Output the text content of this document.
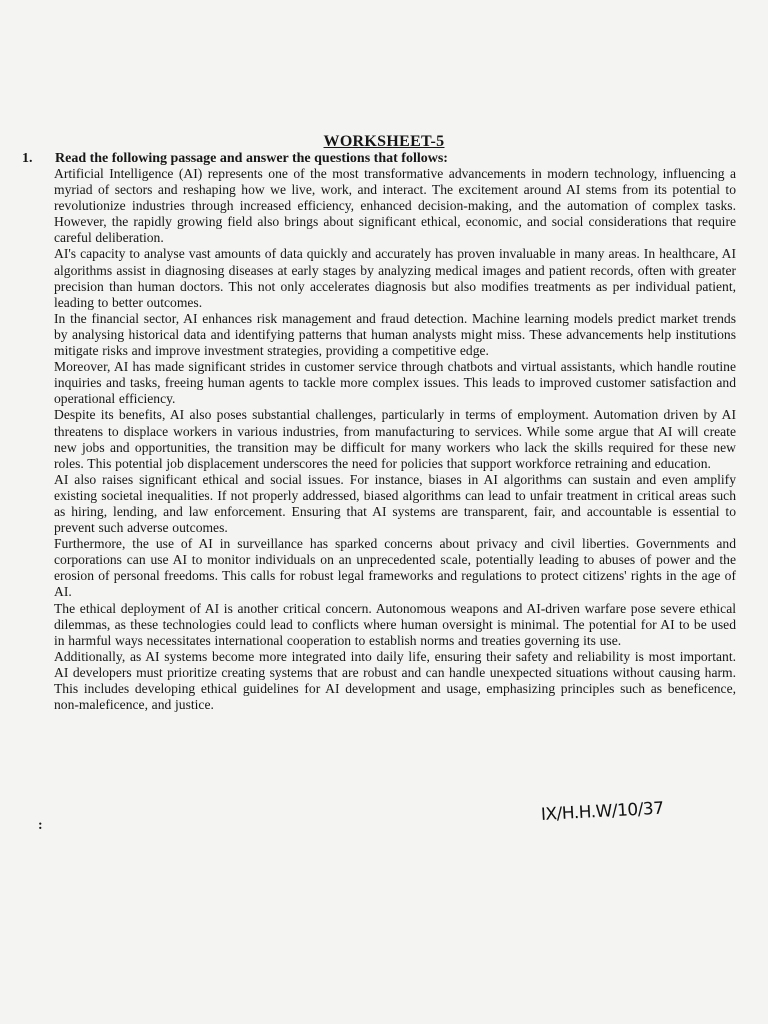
WORKSHEET-5
1. Read the following passage and answer the questions that follows:

Artificial Intelligence (AI) represents one of the most transformative advancements in modern technology, influencing a myriad of sectors and reshaping how we live, work, and interact. The excitement around AI stems from its potential to revolutionize industries through increased efficiency, enhanced decision-making, and the automation of complex tasks. However, the rapidly growing field also brings about significant ethical, economic, and social considerations that require careful deliberation.

AI's capacity to analyse vast amounts of data quickly and accurately has proven invaluable in many areas. In healthcare, AI algorithms assist in diagnosing diseases at early stages by analyzing medical images and patient records, often with greater precision than human doctors. This not only accelerates diagnosis but also modifies treatments as per individual patient, leading to better outcomes.

In the financial sector, AI enhances risk management and fraud detection. Machine learning models predict market trends by analysing historical data and identifying patterns that human analysts might miss. These advancements help institutions mitigate risks and improve investment strategies, providing a competitive edge.

Moreover, AI has made significant strides in customer service through chatbots and virtual assistants, which handle routine inquiries and tasks, freeing human agents to tackle more complex issues. This leads to improved customer satisfaction and operational efficiency.

Despite its benefits, AI also poses substantial challenges, particularly in terms of employment. Automation driven by AI threatens to displace workers in various industries, from manufacturing to services. While some argue that AI will create new jobs and opportunities, the transition may be difficult for many workers who lack the skills required for these new roles. This potential job displacement underscores the need for policies that support workforce retraining and education.

AI also raises significant ethical and social issues. For instance, biases in AI algorithms can sustain and even amplify existing societal inequalities. If not properly addressed, biased algorithms can lead to unfair treatment in critical areas such as hiring, lending, and law enforcement. Ensuring that AI systems are transparent, fair, and accountable is essential to prevent such adverse outcomes.

Furthermore, the use of AI in surveillance has sparked concerns about privacy and civil liberties. Governments and corporations can use AI to monitor individuals on an unprecedented scale, potentially leading to abuses of power and the erosion of personal freedoms. This calls for robust legal frameworks and regulations to protect citizens' rights in the age of AI.

The ethical deployment of AI is another critical concern. Autonomous weapons and AI-driven warfare pose severe ethical dilemmas, as these technologies could lead to conflicts where human oversight is minimal. The potential for AI to be used in harmful ways necessitates international cooperation to establish norms and treaties governing its use.

Additionally, as AI systems become more integrated into daily life, ensuring their safety and reliability is most important. AI developers must prioritize creating systems that are robust and can handle unexpected situations without causing harm. This includes developing ethical guidelines for AI development and usage, emphasizing principles such as beneficence, non-maleficence, and justice.

:
IX/H.H.W/10/37
